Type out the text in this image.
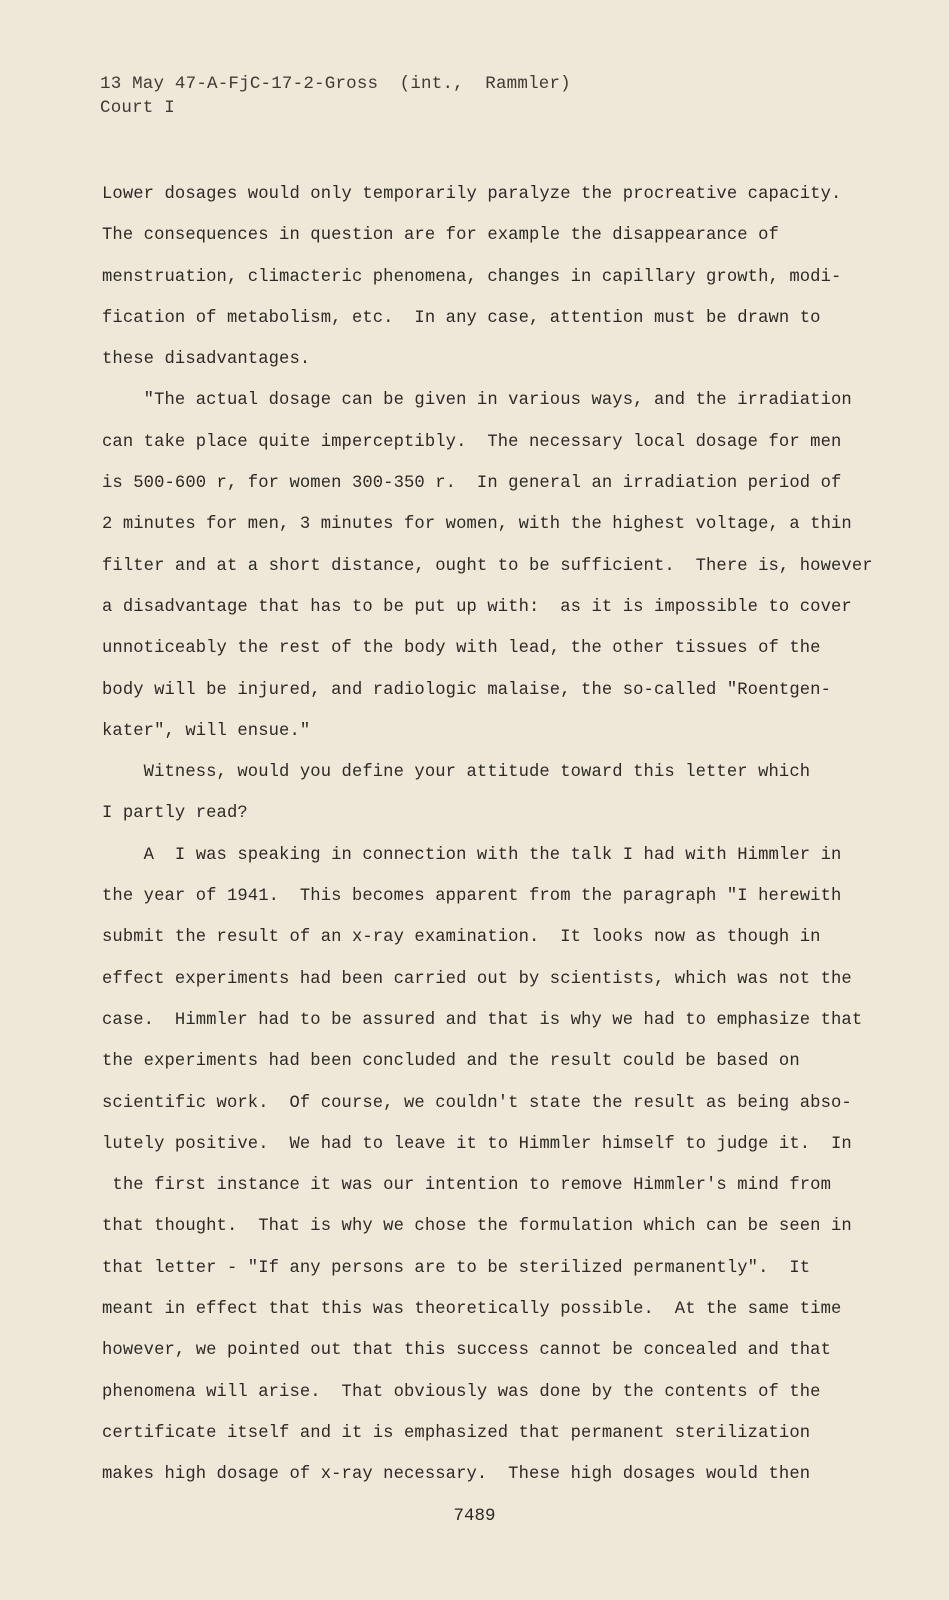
13 May 47-A-FjC-17-2-Gross  (int.,  Rammler)
Court I
Lower dosages would only temporarily paralyze the procreative capacity.
The consequences in question are for example the disappearance of
menstruation, climacteric phenomena, changes in capillary growth, modi-
fication of metabolism, etc.  In any case, attention must be drawn to
these disadvantages.
"The actual dosage can be given in various ways, and the irradiation
can take place quite imperceptibly.  The necessary local dosage for men
is 500-600 r, for women 300-350 r.  In general an irradiation period of
2 minutes for men, 3 minutes for women, with the highest voltage, a thin
filter and at a short distance, ought to be sufficient.  There is, however
a disadvantage that has to be put up with:  as it is impossible to cover
unnoticeably the rest of the body with lead, the other tissues of the
body will be injured, and radiologic malaise, the so-called "Roentgen-
kater", will ensue."
Witness, would you define your attitude toward this letter which
I partly read?
A  I was speaking in connection with the talk I had with Himmler in
the year of 1941.  This becomes apparent from the paragraph "I herewith
submit the result of an x-ray examination.  It looks now as though in
effect experiments had been carried out by scientists, which was not the
case.  Himmler had to be assured and that is why we had to emphasize that
the experiments had been concluded and the result could be based on
scientific work.  Of course, we couldn't state the result as being abso-
lutely positive.  We had to leave it to Himmler himself to judge it.  In
the first instance it was our intention to remove Himmler's mind from
that thought.  That is why we chose the formulation which can be seen in
that letter - "If any persons are to be sterilized permanently".  It
meant in effect that this was theoretically possible.  At the same time
however, we pointed out that this success cannot be concealed and that
phenomena will arise.  That obviously was done by the contents of the
certificate itself and it is emphasized that permanent sterilization
makes high dosage of x-ray necessary.  These high dosages would then
7489
